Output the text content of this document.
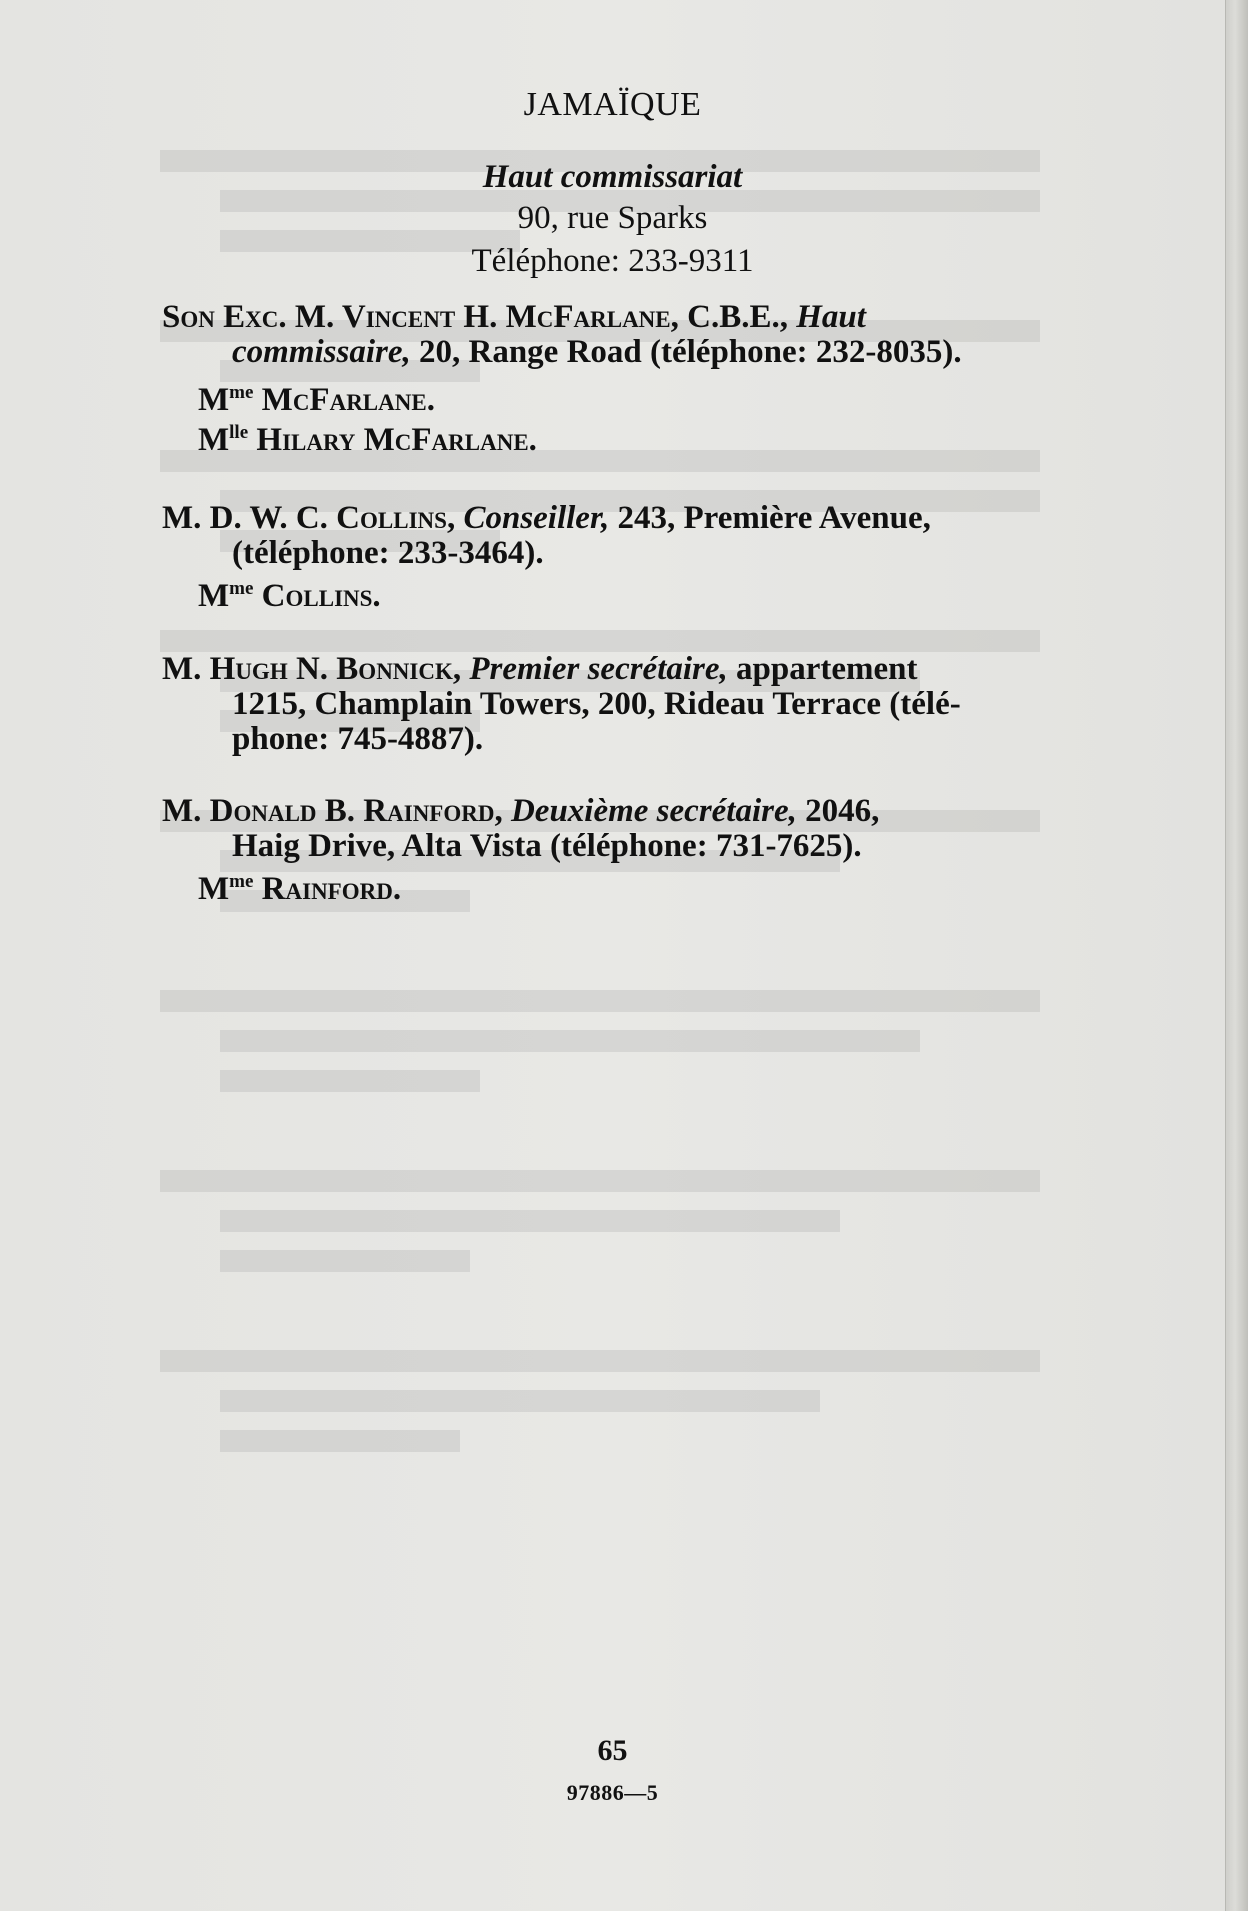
JAMAÏQUE
Haut commissariat
90, rue Sparks
Téléphone: 233-9311
Son Exc. M. Vincent H. McFarlane, C.B.E., Haut
commissaire, 20, Range Road (téléphone: 232-8035).
$M^{me}$ McFarlane.
$M^{lle}$ Hilary McFarlane.
M. D. W. C. Collins, Conseiller, 243, Première Avenue,
(téléphone: 233-3464).
$M^{me}$ Collins.
M. Hugh N. Bonnick, Premier secrétaire, appartement
1215, Champlain Towers, 200, Rideau Terrace (télé-
phone: 745-4887).
M. Donald B. Rainford, Deuxième secrétaire, 2046,
Haig Drive, Alta Vista (téléphone: 731-7625).
$M^{me}$ Rainford.
65
97886—5
